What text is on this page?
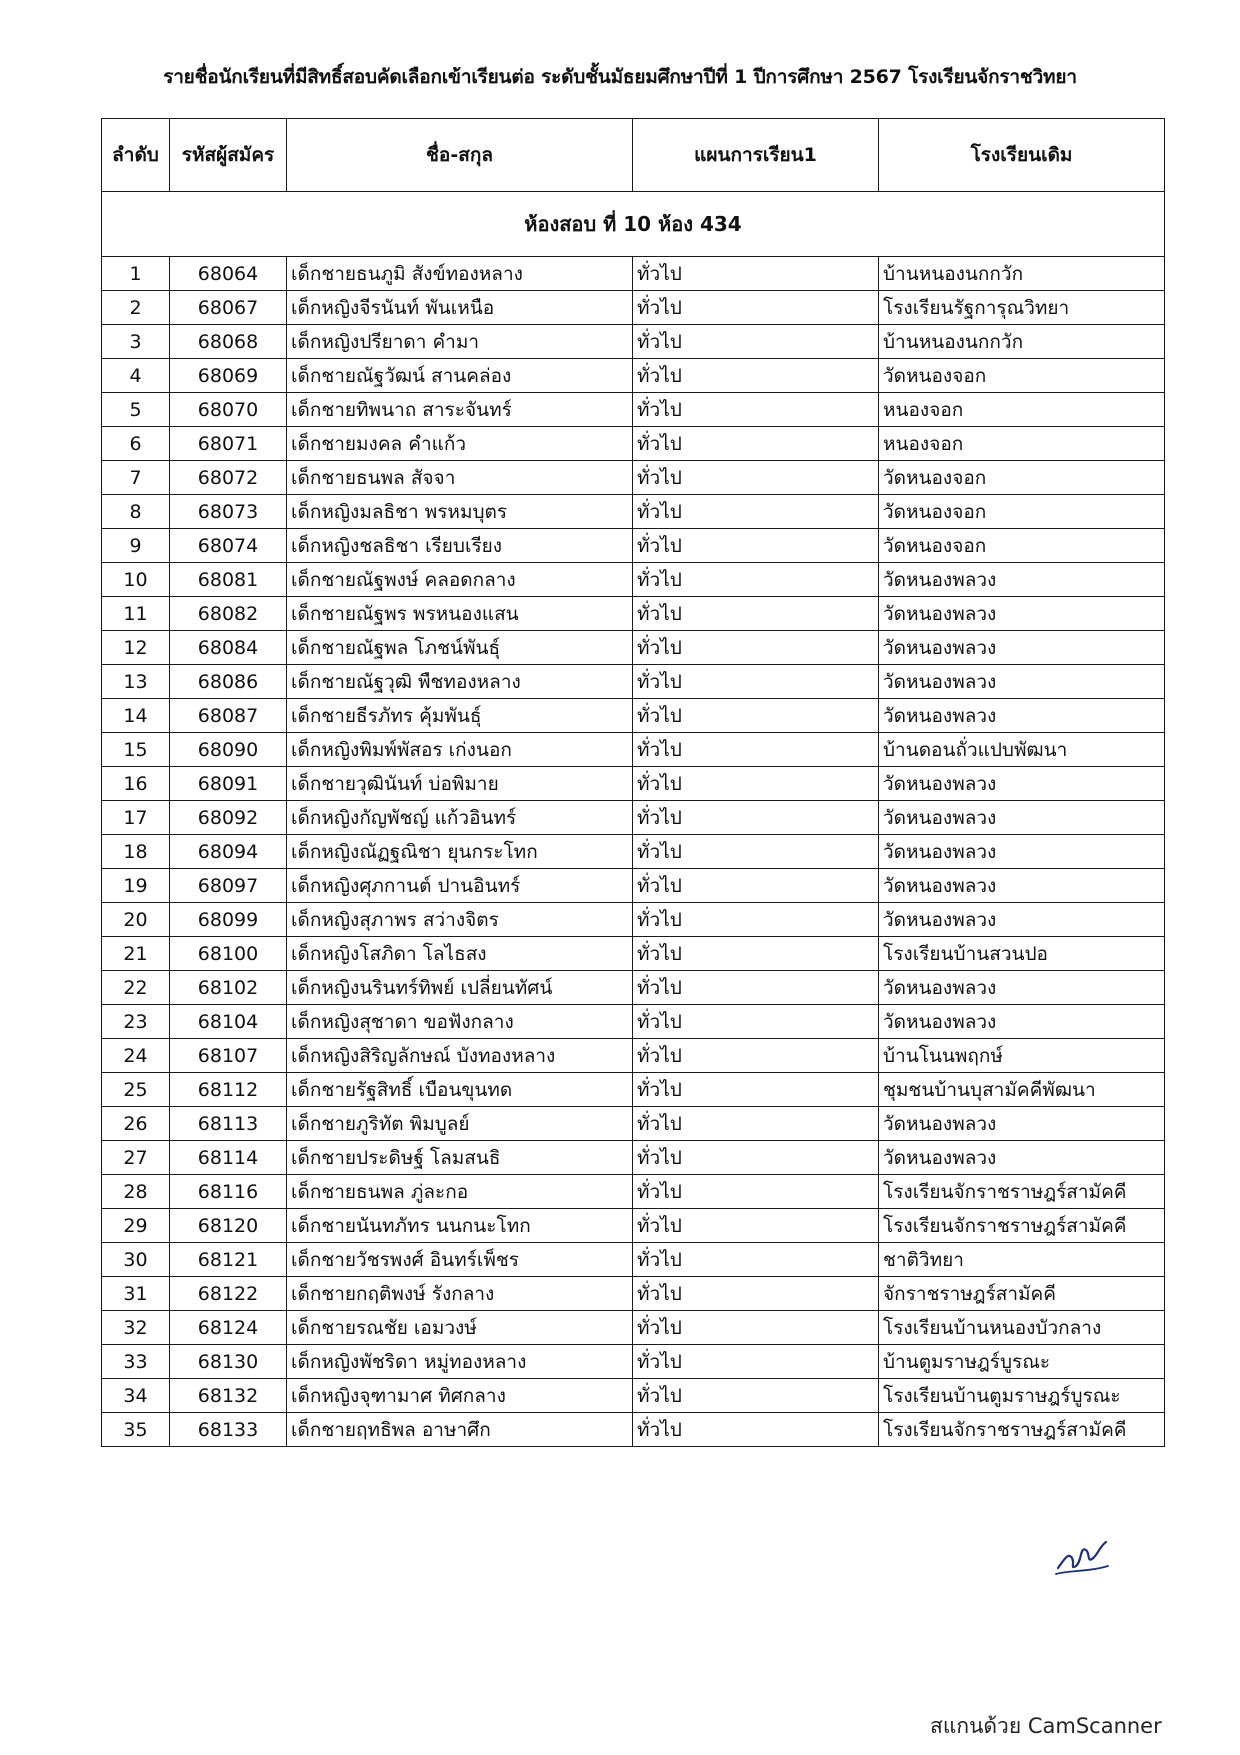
รายชื่อนักเรียนที่มีสิทธิ์สอบคัดเลือกเข้าเรียนต่อ ระดับชั้นมัธยมศึกษาปีที่ 1 ปีการศึกษา 2567 โรงเรียนจักราชวิทยา
ลำดับ	รหัสผู้สมัคร	ชื่อ-สกุล	แผนการเรียน1	โรงเรียนเดิม
ห้องสอบ ที่ 10 ห้อง 434				
1	68064	เด็กชายธนภูมิ สังข์ทองหลาง	ทั่วไป	บ้านหนองนกกวัก
2	68067	เด็กหญิงจีรนันท์ พันเหนือ	ทั่วไป	โรงเรียนรัฐการุณวิทยา
3	68068	เด็กหญิงปรียาดา คำมา	ทั่วไป	บ้านหนองนกกวัก
4	68069	เด็กชายณัฐวัฒน์ สานคล่อง	ทั่วไป	วัดหนองจอก
5	68070	เด็กชายทิพนาถ สาระจันทร์	ทั่วไป	หนองจอก
6	68071	เด็กชายมงคล คำแก้ว	ทั่วไป	หนองจอก
7	68072	เด็กชายธนพล สัจจา	ทั่วไป	วัดหนองจอก
8	68073	เด็กหญิงมลธิชา พรหมบุตร	ทั่วไป	วัดหนองจอก
9	68074	เด็กหญิงชลธิชา เรียบเรียง	ทั่วไป	วัดหนองจอก
10	68081	เด็กชายณัฐพงษ์ คลอดกลาง	ทั่วไป	วัดหนองพลวง
11	68082	เด็กชายณัฐพร พรหนองแสน	ทั่วไป	วัดหนองพลวง
12	68084	เด็กชายณัฐพล โภชน์พันธุ์	ทั่วไป	วัดหนองพลวง
13	68086	เด็กชายณัฐวุฒิ พืชทองหลาง	ทั่วไป	วัดหนองพลวง
14	68087	เด็กชายธีรภัทร คุ้มพันธุ์	ทั่วไป	วัดหนองพลวง
15	68090	เด็กหญิงพิมพ์พัสอร เก่งนอก	ทั่วไป	บ้านดอนถั่วแปบพัฒนา
16	68091	เด็กชายวุฒินันท์ บ่อพิมาย	ทั่วไป	วัดหนองพลวง
17	68092	เด็กหญิงกัญพัชญ์ แก้วอินทร์	ทั่วไป	วัดหนองพลวง
18	68094	เด็กหญิงณัฏฐณิชา ยุนกระโทก	ทั่วไป	วัดหนองพลวง
19	68097	เด็กหญิงศุภกานต์ ปานอินทร์	ทั่วไป	วัดหนองพลวง
20	68099	เด็กหญิงสุภาพร สว่างจิตร	ทั่วไป	วัดหนองพลวง
21	68100	เด็กหญิงโสภิดา โลไธสง	ทั่วไป	โรงเรียนบ้านสวนปอ
22	68102	เด็กหญิงนรินทร์ทิพย์ เปลี่ยนทัศน์	ทั่วไป	วัดหนองพลวง
23	68104	เด็กหญิงสุชาดา ขอฟังกลาง	ทั่วไป	วัดหนองพลวง
24	68107	เด็กหญิงสิริญลักษณ์ บังทองหลาง	ทั่วไป	บ้านโนนพฤกษ์
25	68112	เด็กชายรัฐสิทธิ์ เบือนขุนทด	ทั่วไป	ชุมชนบ้านบุสามัคคีพัฒนา
26	68113	เด็กชายภูริทัต พิมบูลย์	ทั่วไป	วัดหนองพลวง
27	68114	เด็กชายประดิษฐ์ โลมสนธิ	ทั่วไป	วัดหนองพลวง
28	68116	เด็กชายธนพล ภู่ละกอ	ทั่วไป	โรงเรียนจักราชราษฎร์สามัคคี
29	68120	เด็กชายนันทภัทร นนกนะโทก	ทั่วไป	โรงเรียนจักราชราษฎร์สามัคคี
30	68121	เด็กชายวัชรพงศ์ อินทร์เพ็ชร	ทั่วไป	ชาติวิทยา
31	68122	เด็กชายกฤติพงษ์ รังกลาง	ทั่วไป	จักราชราษฎร์สามัคคี
32	68124	เด็กชายรณชัย เอมวงษ์	ทั่วไป	โรงเรียนบ้านหนองบัวกลาง
33	68130	เด็กหญิงพัชริดา หมู่ทองหลาง	ทั่วไป	บ้านตูมราษฎร์บูรณะ
34	68132	เด็กหญิงจุฑามาศ ทิศกลาง	ทั่วไป	โรงเรียนบ้านตูมราษฎร์บูรณะ
35	68133	เด็กชายฤทธิพล อาษาศึก	ทั่วไป	โรงเรียนจักราชราษฎร์สามัคคี
สแกนด้วย CamScanner
